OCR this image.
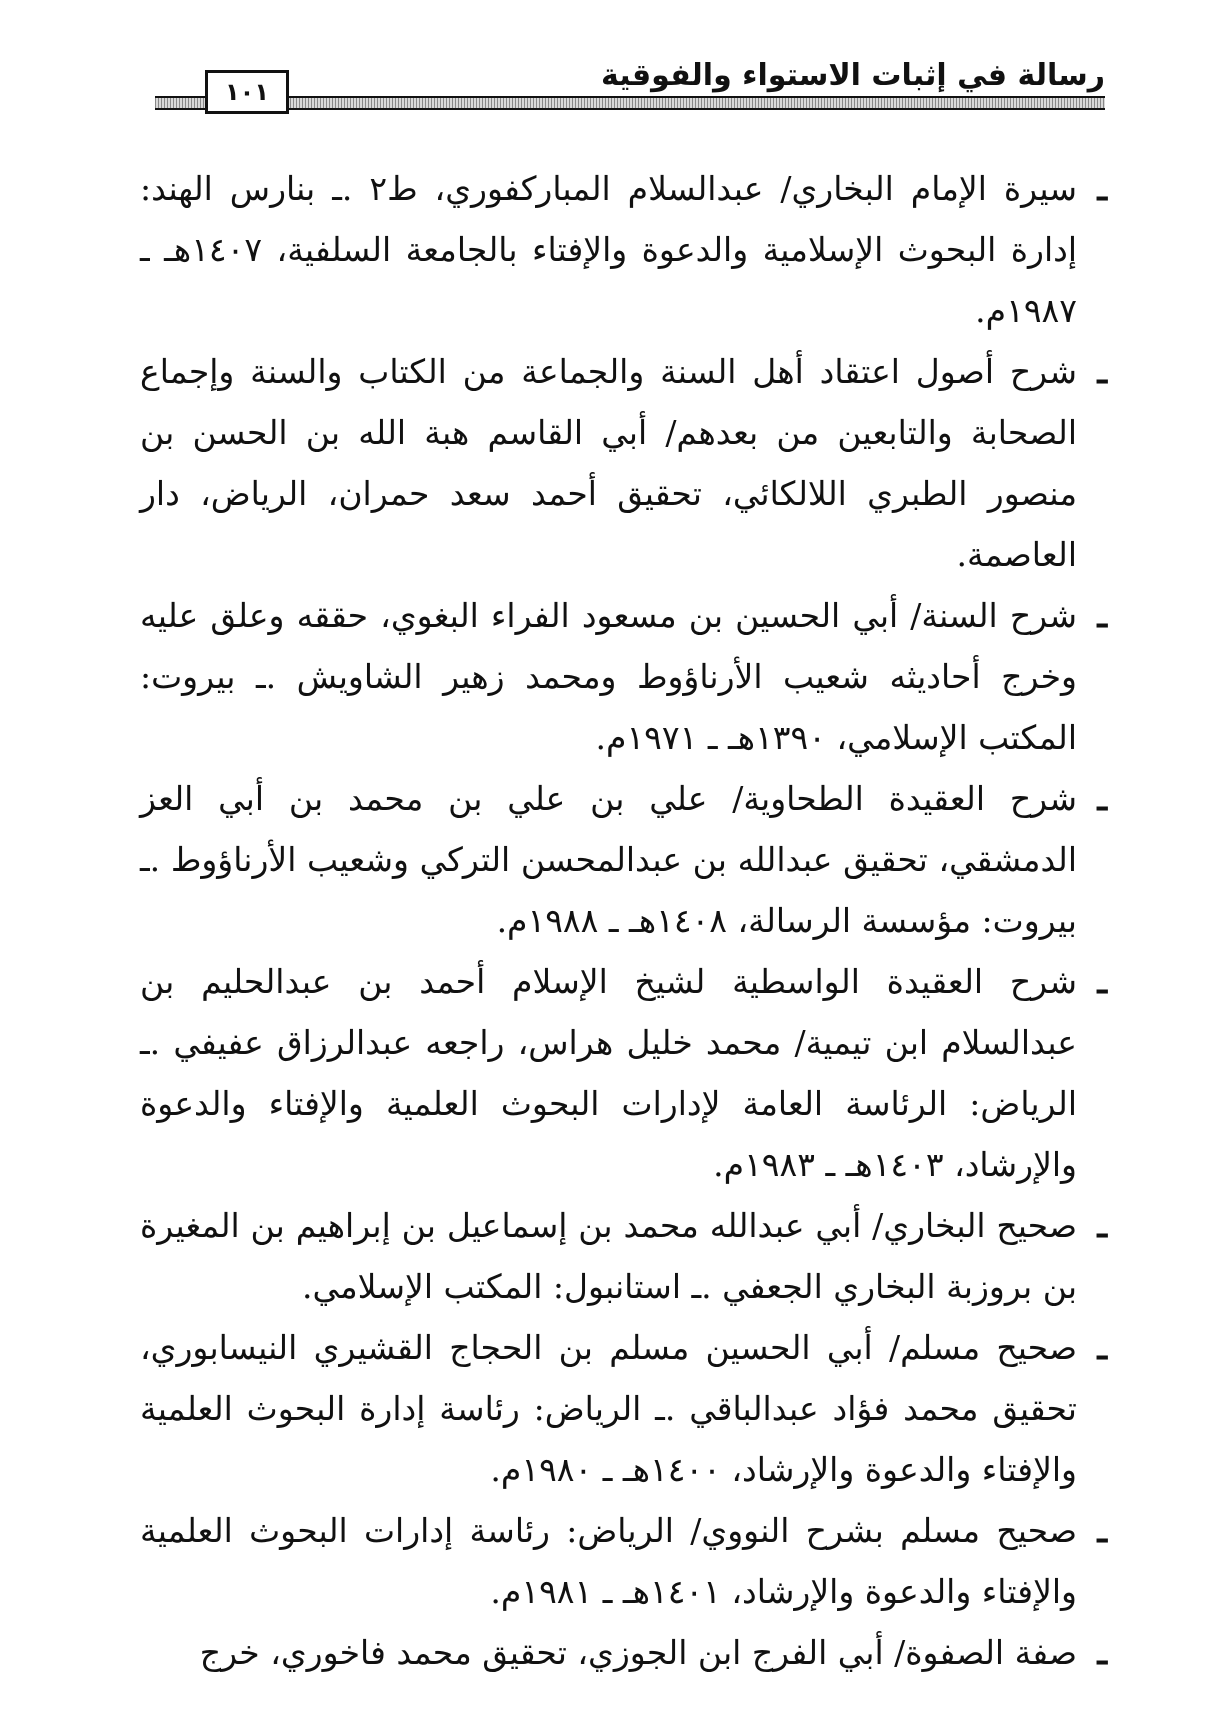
رسالة في إثبات الاستواء والفوقية
١٠١

ـ
سيرة الإمام البخاري/ عبدالسلام المباركفوري، ط٢ .ـ بنارس الهند: إدارة البحوث الإسلامية والدعوة والإفتاء بالجامعة السلفية، ١٤٠٧هـ ـ ١٩٨٧م.

ـ
شرح أصول اعتقاد أهل السنة والجماعة من الكتاب والسنة وإجماع الصحابة والتابعين من بعدهم/ أبي القاسم هبة الله بن الحسن بن منصور الطبري اللالكائي، تحقيق أحمد سعد حمران، الرياض، دار العاصمة.

ـ
شرح السنة/ أبي الحسين بن مسعود الفراء البغوي، حققه وعلق عليه وخرج أحاديثه شعيب الأرناؤوط ومحمد زهير الشاويش .ـ بيروت: المكتب الإسلامي، ١٣٩٠هـ ـ ١٩٧١م.

ـ
شرح العقيدة الطحاوية/ علي بن علي بن محمد بن أبي العز الدمشقي، تحقيق عبدالله بن عبدالمحسن التركي وشعيب الأرناؤوط .ـ بيروت: مؤسسة الرسالة، ١٤٠٨هـ ـ ١٩٨٨م.

ـ
شرح العقيدة الواسطية لشيخ الإسلام أحمد بن عبدالحليم بن عبدالسلام ابن تيمية/ محمد خليل هراس، راجعه عبدالرزاق عفيفي .ـ الرياض: الرئاسة العامة لإدارات البحوث العلمية والإفتاء والدعوة والإرشاد، ١٤٠٣هـ ـ ١٩٨٣م.

ـ
صحيح البخاري/ أبي عبدالله محمد بن إسماعيل بن إبراهيم بن المغيرة بن بروزبة البخاري الجعفي .ـ استانبول: المكتب الإسلامي.

ـ
صحيح مسلم/ أبي الحسين مسلم بن الحجاج القشيري النيسابوري، تحقيق محمد فؤاد عبدالباقي .ـ الرياض: رئاسة إدارة البحوث العلمية والإفتاء والدعوة والإرشاد، ١٤٠٠هـ ـ ١٩٨٠م.

ـ
صحيح مسلم بشرح النووي/ الرياض: رئاسة إدارات البحوث العلمية والإفتاء والدعوة والإرشاد، ١٤٠١هـ ـ ١٩٨١م.

ـ
صفة الصفوة/ أبي الفرج ابن الجوزي، تحقيق محمد فاخوري، خرج
